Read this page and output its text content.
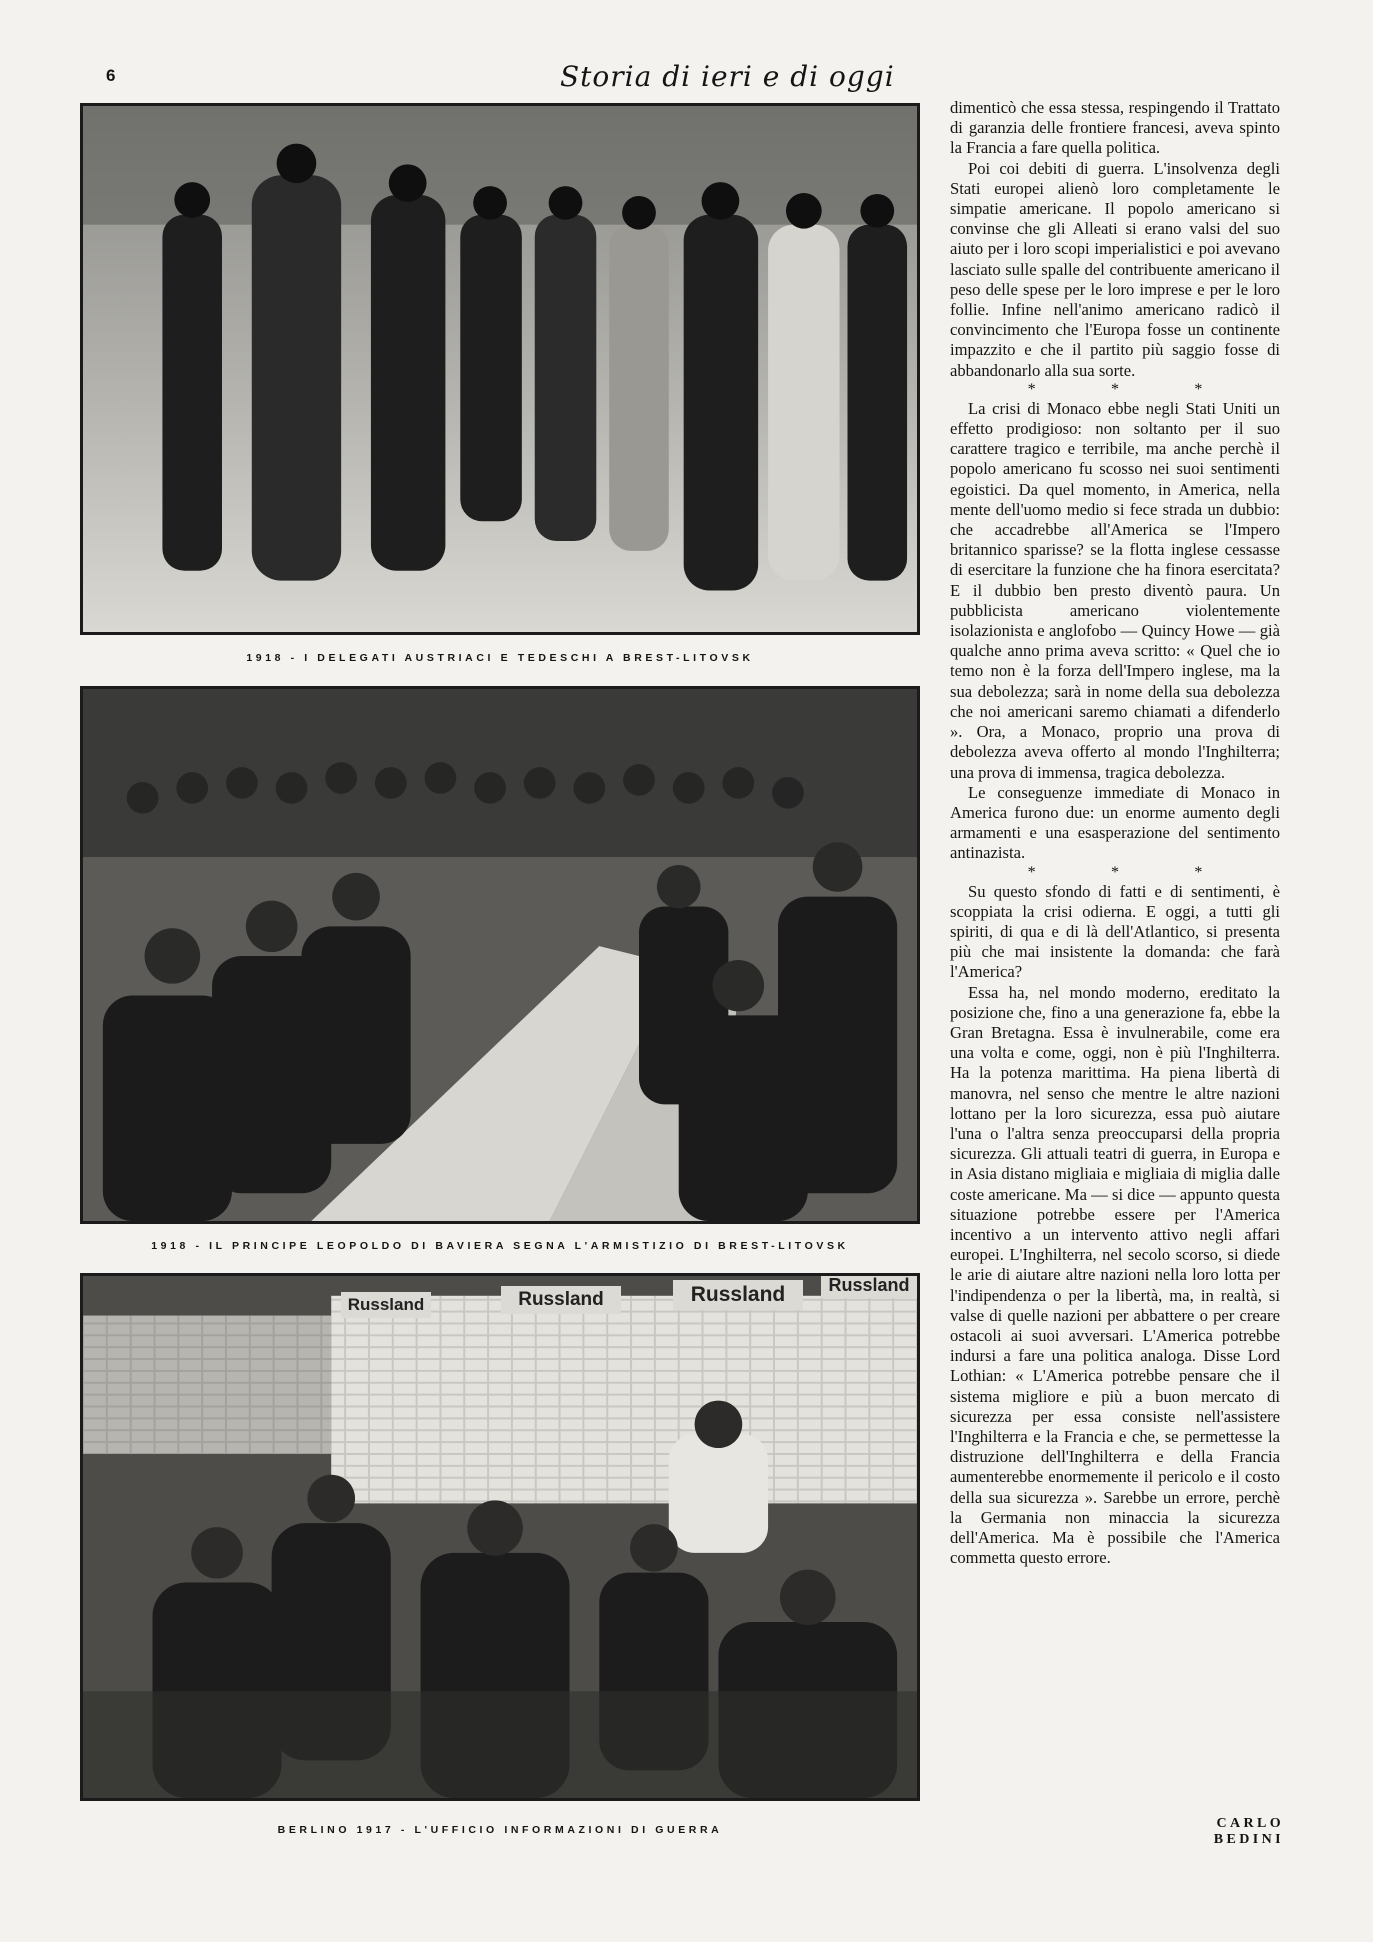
6	Storia di ieri e di oggi
1918 - I DELEGATI AUSTRIACI E TEDESCHI A BREST-LITOVSK
1918 - IL PRINCIPE LEOPOLDO DI BAVIERA SEGNA L'ARMISTIZIO DI BREST-LITOVSK
Russland	Russland	Russland	Russland
BERLINO 1917 - L'UFFICIO INFORMAZIONI DI GUERRA

dimenticò che essa stessa, respingendo il Trattato di garanzia delle frontiere francesi, aveva spinto la Francia a fare quella politica.

Poi coi debiti di guerra. L'insolvenza degli Stati europei alienò loro completamente le simpatie americane. Il popolo americano si convinse che gli Alleati si erano valsi del suo aiuto per i loro scopi imperialistici e poi avevano lasciato sulle spalle del contribuente americano il peso delle spese per le loro imprese e per le loro follie. Infine nell'animo americano radicò il convincimento che l'Europa fosse un continente impazzito e che il partito più saggio fosse di abbandonarlo alla sua sorte.

*	*	*

La crisi di Monaco ebbe negli Stati Uniti un effetto prodigioso: non soltanto per il suo carattere tragico e terribile, ma anche perchè il popolo americano fu scosso nei suoi sentimenti egoistici. Da quel momento, in America, nella mente dell'uomo medio si fece strada un dubbio: che accadrebbe all'America se l'Impero britannico sparisse? se la flotta inglese cessasse di esercitare la funzione che ha finora esercitata? E il dubbio ben presto diventò paura. Un pubblicista americano violentemente isolazionista e anglofobo — Quincy Howe — già qualche anno prima aveva scritto: « Quel che io temo non è la forza dell'Impero inglese, ma la sua debolezza; sarà in nome della sua debolezza che noi americani saremo chiamati a difenderlo ». Ora, a Monaco, proprio una prova di debolezza aveva offerto al mondo l'Inghilterra; una prova di immensa, tragica debolezza.

Le conseguenze immediate di Monaco in America furono due: un enorme aumento degli armamenti e una esasperazione del sentimento antinazista.

*	*	*

Su questo sfondo di fatti e di sentimenti, è scoppiata la crisi odierna. E oggi, a tutti gli spiriti, di qua e di là dell'Atlantico, si presenta più che mai insistente la domanda: che farà l'America?

Essa ha, nel mondo moderno, ereditato la posizione che, fino a una generazione fa, ebbe la Gran Bretagna. Essa è invulnerabile, come era una volta e come, oggi, non è più l'Inghilterra. Ha la potenza marittima. Ha piena libertà di manovra, nel senso che mentre le altre nazioni lottano per la loro sicurezza, essa può aiutare l'una o l'altra senza preoccuparsi della propria sicurezza. Gli attuali teatri di guerra, in Europa e in Asia distano migliaia e migliaia di miglia dalle coste americane. Ma — si dice — appunto questa situazione potrebbe essere per l'America incentivo a un intervento attivo negli affari europei. L'Inghilterra, nel secolo scorso, si diede le arie di aiutare altre nazioni nella loro lotta per l'indipendenza o per la libertà, ma, in realtà, si valse di quelle nazioni per abbattere o per creare ostacoli ai suoi avversari. L'America potrebbe indursi a fare una politica analoga. Disse Lord Lothian: « L'America potrebbe pensare che il sistema migliore e più a buon mercato di sicurezza per essa consiste nell'assistere l'Inghilterra e la Francia e che, se permettesse la distruzione dell'Inghilterra e della Francia aumenterebbe enormemente il pericolo e il costo della sua sicurezza ». Sarebbe un errore, perchè la Germania non minaccia la sicurezza dell'America. Ma è possibile che l'America commetta questo errore.

CARLO BEDINI
